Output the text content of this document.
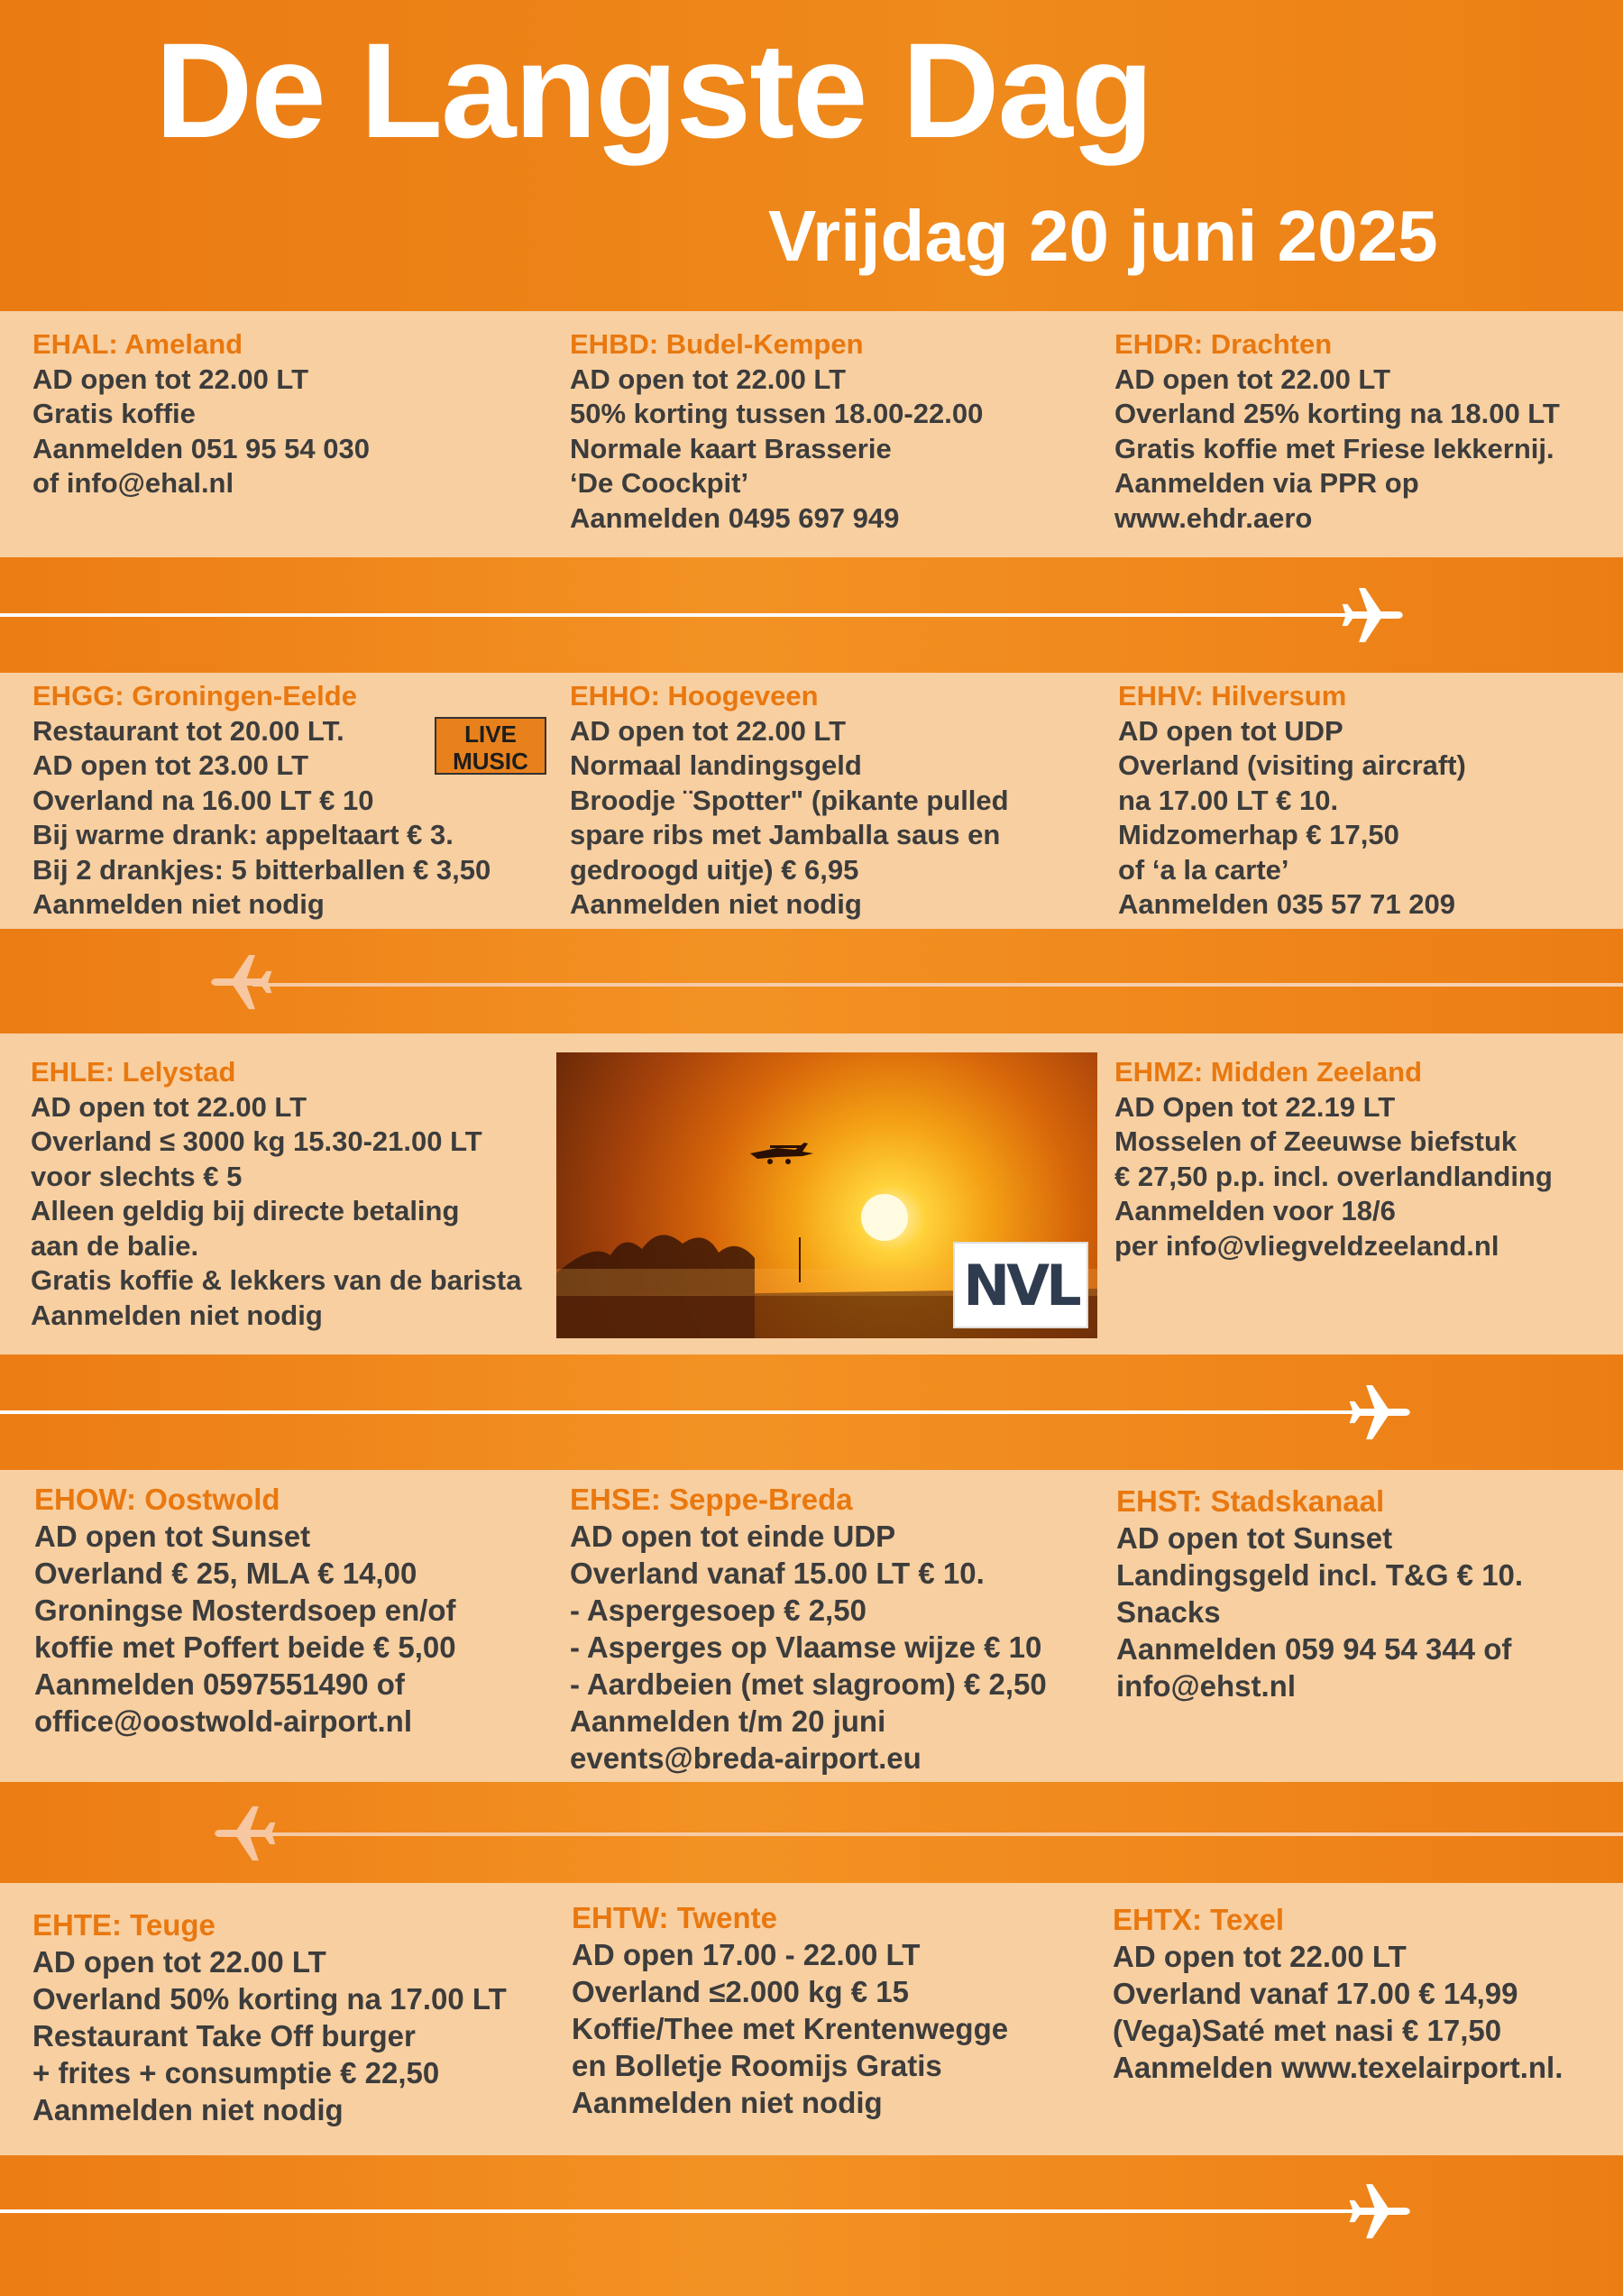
De Langste Dag
Vrijdag 20 juni 2025
EHAL: Ameland
AD open tot 22.00 LT
Gratis koffie
Aanmelden 051 95 54 030
of info@ehal.nl
EHBD: Budel-Kempen
AD open tot 22.00 LT
50% korting tussen 18.00-22.00
Normale kaart Brasserie
‘De Coockpit’
Aanmelden 0495 697 949
EHDR: Drachten
AD open tot 22.00 LT
Overland 25% korting na 18.00 LT
Gratis koffie met Friese lekkernij.
Aanmelden via PPR op
www.ehdr.aero
EHGG: Groningen-Eelde
Restaurant tot 20.00 LT.
AD open tot 23.00 LT
Overland na 16.00 LT € 10
Bij warme drank: appeltaart € 3.
Bij 2 drankjes: 5 bitterballen € 3,50
Aanmelden niet nodig
LIVE
MUSIC
EHHO: Hoogeveen
AD open tot 22.00 LT
Normaal landingsgeld
Broodje ¨Spotter" (pikante pulled
spare ribs met Jamballa saus en
gedroogd uitje) € 6,95
Aanmelden niet nodig
EHHV: Hilversum
AD open tot UDP
Overland (visiting aircraft)
na 17.00 LT € 10.
Midzomerhap € 17,50
of ‘a la carte’
Aanmelden 035 57 71 209
EHLE: Lelystad
AD open tot 22.00 LT
Overland ≤ 3000 kg 15.30-21.00 LT
voor slechts € 5
Alleen geldig bij directe betaling
aan de balie.
Gratis koffie & lekkers van de barista
Aanmelden niet nodig	NVL
EHMZ: Midden Zeeland
AD Open tot 22.19 LT
Mosselen of Zeeuwse biefstuk
€ 27,50 p.p. incl. overlandlanding
Aanmelden voor 18/6
per info@vliegveldzeeland.nl
EHOW: Oostwold
AD open tot Sunset
Overland € 25, MLA € 14,00
Groningse Mosterdsoep en/of
koffie met Poffert beide € 5,00
Aanmelden 0597551490 of
office@oostwold-airport.nl
EHSE: Seppe-Breda
AD open tot einde UDP
Overland vanaf 15.00 LT € 10.
- Aspergesoep € 2,50
- Asperges op Vlaamse wijze € 10
- Aardbeien (met slagroom) € 2,50
Aanmelden t/m 20 juni
events@breda-airport.eu
EHST: Stadskanaal
AD open tot Sunset
Landingsgeld incl. T&G € 10.
Snacks
Aanmelden 059 94 54 344 of
info@ehst.nl
EHTE: Teuge
AD open tot 22.00 LT
Overland 50% korting na 17.00 LT
Restaurant Take Off burger
+ frites + consumptie € 22,50
Aanmelden niet nodig
EHTW: Twente
AD open 17.00 - 22.00 LT
Overland ≤2.000 kg € 15
Koffie/Thee met Krentenwegge
en Bolletje Roomijs Gratis
Aanmelden niet nodig
EHTX: Texel
AD open tot 22.00 LT
Overland vanaf 17.00 € 14,99
(Vega)Saté met nasi € 17,50
Aanmelden www.texelairport.nl.
